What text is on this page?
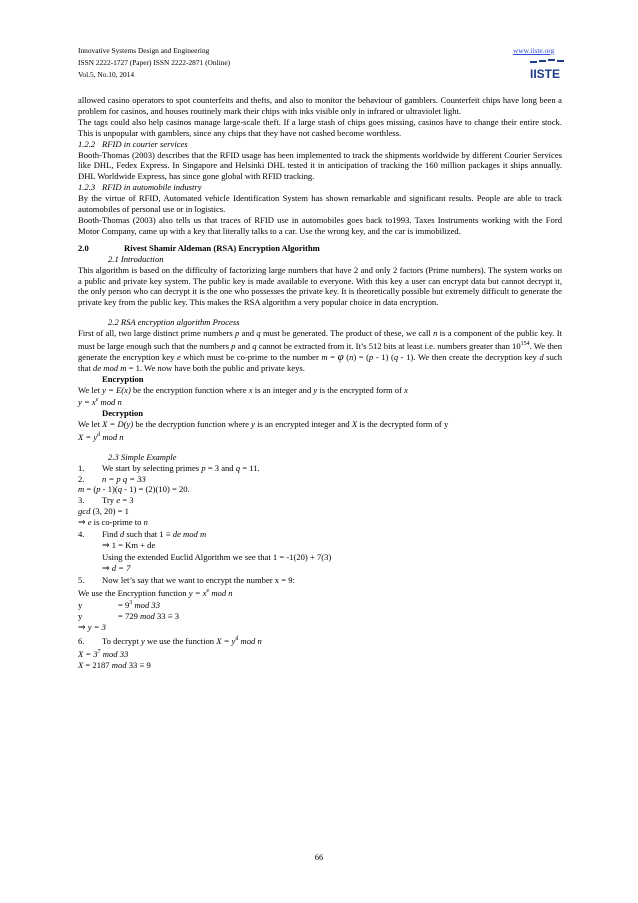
Innovative Systems Design and Engineering
ISSN 2222-1727 (Paper) ISSN 2222-2871 (Online)
Vol.5, No.10, 2014
www.iiste.org
IISTE

allowed casino operators to spot counterfeits and thefts, and also to monitor the behaviour of gamblers. Counterfeit chips have long been a problem for casinos, and houses routinely mark their chips with inks visible only in infrared or ultraviolet light.

The tags could also help casinos manage large-scale theft. If a large stash of chips goes missing, casinos have to change their entire stock. This is unpopular with gamblers, since any chips that they have not cashed become worthless.

1.2.2 RFID in courier services

Booth-Thomas (2003) describes that the RFID usage has been implemented to track the shipments worldwide by different Courier Services like DHL, Fedex Express. In Singapore and Helsinki DHL tested it in anticipation of tracking the 160 million packages it ships annually. DHL Worldwide Express, has since gone global with RFID tracking.

1.2.3 RFID in automobile industry

By the virtue of RFID, Automated vehicle Identification System has shown remarkable and significant results. People are able to track automobiles of personal use or in logistics.

Booth-Thomas (2003) also tells us that traces of RFID use in automobiles goes back to1993. Taxes Instruments working with the Ford Motor Company, came up with a key that literally talks to a car. Use the wrong key, and the car is immobilized.

2.0	Rivest Shamir Aldeman (RSA) Encryption Algorithm

2.1 Introduction

This algorithm is based on the difficulty of factorizing large numbers that have 2 and only 2 factors (Prime numbers). The system works on a public and private key system. The public key is made available to everyone. With this key a user can encrypt data but cannot decrypt it, the only person who can decrypt it is the one who possesses the private key. It is theoretically possible but extremely difficult to generate the private key from the public key. This makes the RSA algorithm a very popular choice in data encryption.

2.2 RSA encryption algorithm Process

First of all, two large distinct prime numbers p and q must be generated. The product of these, we call n is a component of the public key. It must be large enough such that the numbers p and q cannot be extracted from it. It’s 512 bits at least i.e. numbers greater than $10^{154}$. We then generate the encryption key e which must be co-prime to the number m = φ (n) = (p - 1) (q - 1). We then create the decryption key d such that de mod m = 1. We now have both the public and private keys.

Encryption

We let y = E(x) be the encryption function where x is an integer and y is the encrypted form of x

$y = x^e$ mod n

Decryption

We let X = D(y) be the decryption function where y is an encrypted integer and X is the decrypted form of y

$X = y^d$ mod n

2.3 Simple Example

1. We start by selecting primes p = 3 and q = 11.

2. n = p q = 33

m = (p - 1)(q - 1) = (2)(10) = 20.

3. Try e = 3

gcd (3, 20) = 1

⇒ e is co-prime to n

4. Find d such that 1 ≡ de mod m

⇒ 1 = Km + de

Using the extended Euclid Algorithm we see that 1 = -1(20) + 7(3)

⇒ d = 7

5. Now let’s say that we want to encrypt the number x = 9:

We use the Encryption function $y = x^e$ mod n

y	= $9^3$ mod 33

y	= 729 mod 33 ≡ 3

⇒ y = 3

6. To decrypt y we use the function $X = y^d$ mod n

$X = 3^7$ mod 33

X = 2187 mod 33 ≡ 9

66
